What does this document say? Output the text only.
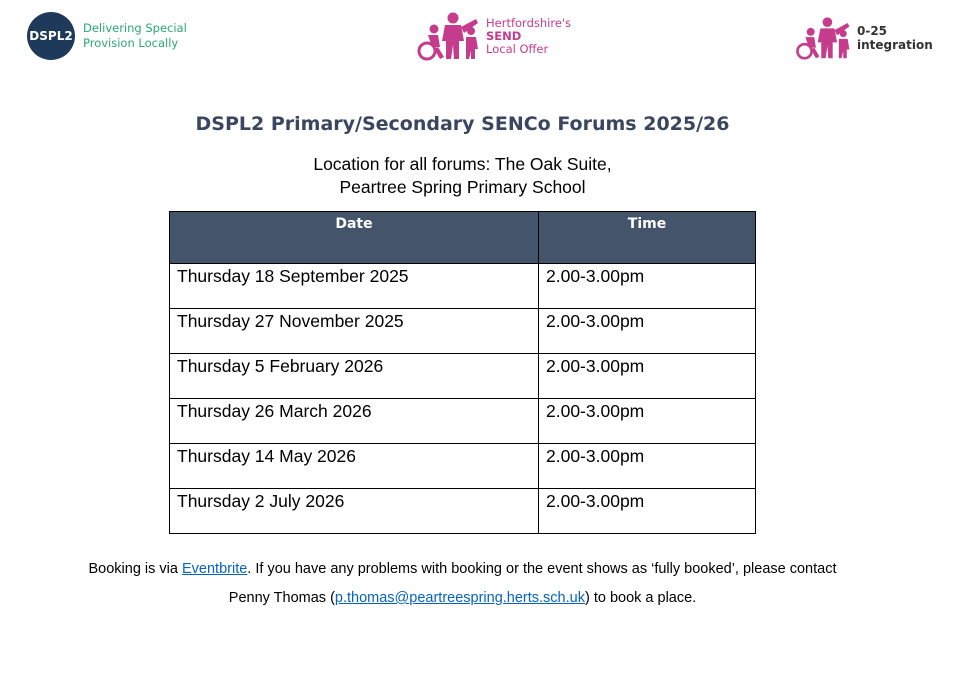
DSPL2
Delivering Special
Provision Locally
Hertfordshire's
SEND
Local Offer
0-25
integration
DSPL2 Primary/Secondary SENCo Forums 2025/26
Location for all forums: The Oak Suite,
Peartree Spring Primary School
Date	Time
Thursday 18 September 2025	2.00-3.00pm
Thursday 27 November 2025	2.00-3.00pm
Thursday 5 February 2026	2.00-3.00pm
Thursday 26 March 2026	2.00-3.00pm
Thursday 14 May 2026	2.00-3.00pm
Thursday 2 July 2026	2.00-3.00pm
Booking is via Eventbrite. If you have any problems with booking or the event shows as ‘fully booked’, please contact
Penny Thomas (p.thomas@peartreespring.herts.sch.uk) to book a place.
